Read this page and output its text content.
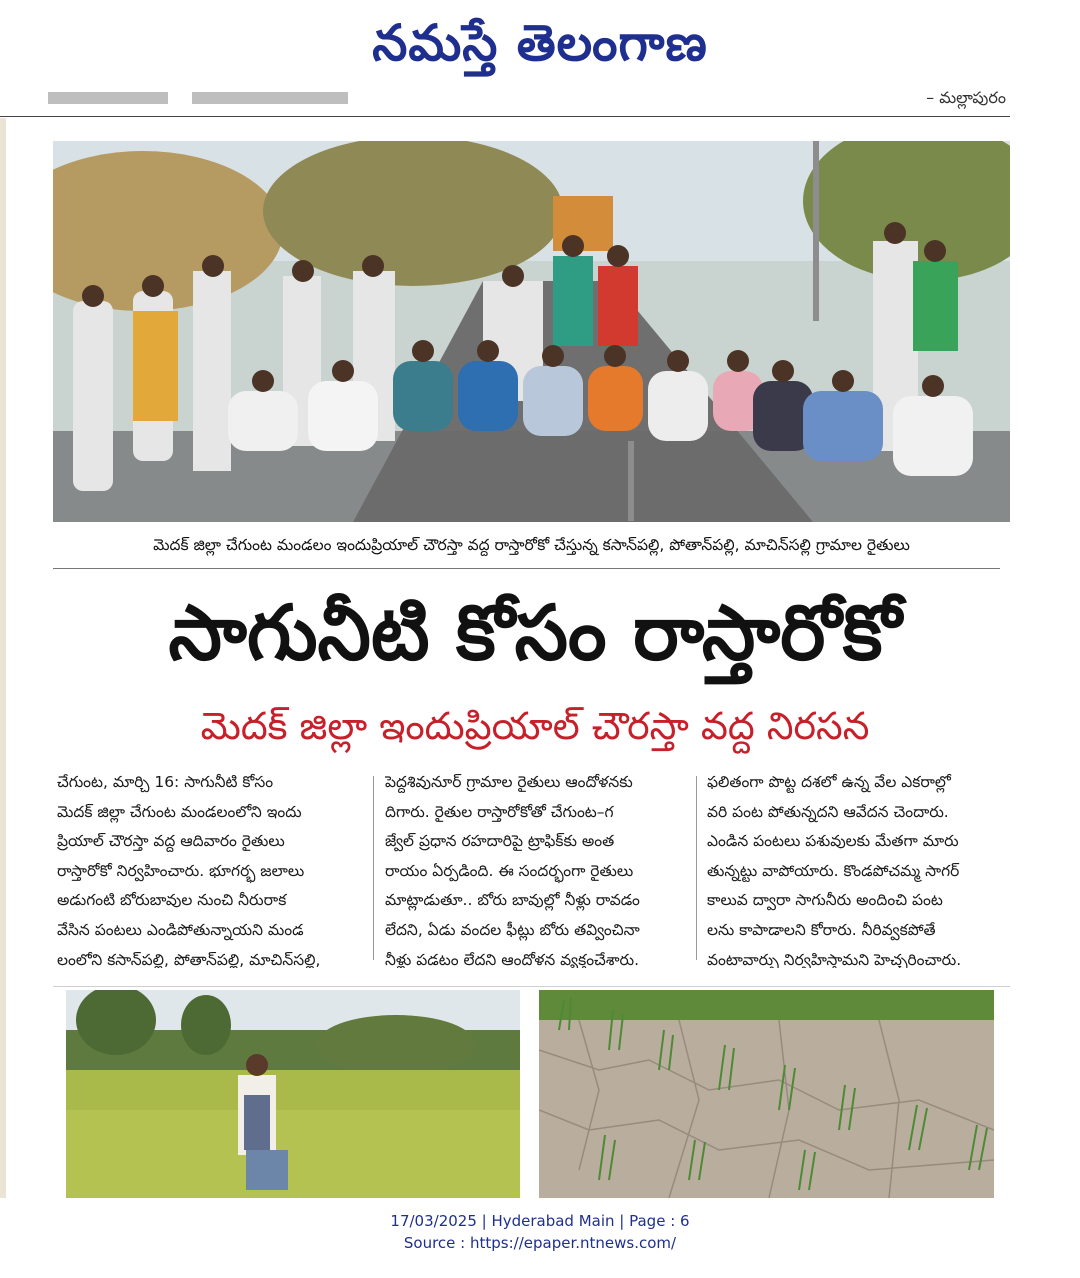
నమస్తే తెలంగాణ
– మల్లాపురం
మెదక్ జిల్లా చేగుంట మండలం ఇందుప్రియాల్ చౌరస్తా వద్ద రాస్తారోకో చేస్తున్న కసాన్‌పల్లి, పోతాన్‌పల్లి, మాచిన్‌సల్లి గ్రామాల రైతులు
సాగునీటి కోసం రాస్తారోకో
మెదక్ జిల్లా ఇందుప్రియాల్ చౌరస్తా వద్ద నిరసన
చేగుంట, మార్చి 16: సాగునీటి కోసం
మెదక్ జిల్లా చేగుంట మండలంలోని ఇందు
ప్రియాల్ చౌరస్తా వద్ద ఆదివారం రైతులు
రాస్తారోకో నిర్వహించారు. భూగర్భ జలాలు
అడుగంటి బోరుబావుల నుంచి నీరురాక
వేసిన పంటలు ఎండిపోతున్నాయని మండ
లంలోని కసాన్‌పల్లి, పోతాన్‌పల్లి, మాచిన్‌సల్లి,
పెద్దశివునూర్ గ్రామాల రైతులు ఆందోళనకు
దిగారు. రైతుల రాస్తారోకోతో చేగుంట–గ
జ్వేల్ ప్రధాన రహదారిపై ట్రాఫిక్‌కు అంత
రాయం ఏర్పడింది. ఈ సందర్భంగా రైతులు
మాట్లాడుతూ.. బోరు బావుల్లో నీళ్లు రావడం
లేదని, ఏడు వందల ఫీట్లు బోరు తవ్వించినా
నీళ్లు పడటం లేదని ఆందోళన వ్యక్తంచేశారు.
ఫలితంగా పొట్ట దశలో ఉన్న వేల ఎకరాల్లో
వరి పంట పోతున్నదని ఆవేదన చెందారు.
ఎండిన పంటలు పశువులకు మేతగా మారు
తున్నట్టు వాపోయారు. కొండపోచమ్మ సాగర్
కాలువ ద్వారా సాగునీరు అందించి పంట
లను కాపాడాలని కోరారు. నీరివ్వకపోతే
వంటావార్పు నిర్వహిస్తామని హెచ్చరించారు.
17/03/2025 | Hyderabad Main | Page : 6
Source : https://epaper.ntnews.com/
